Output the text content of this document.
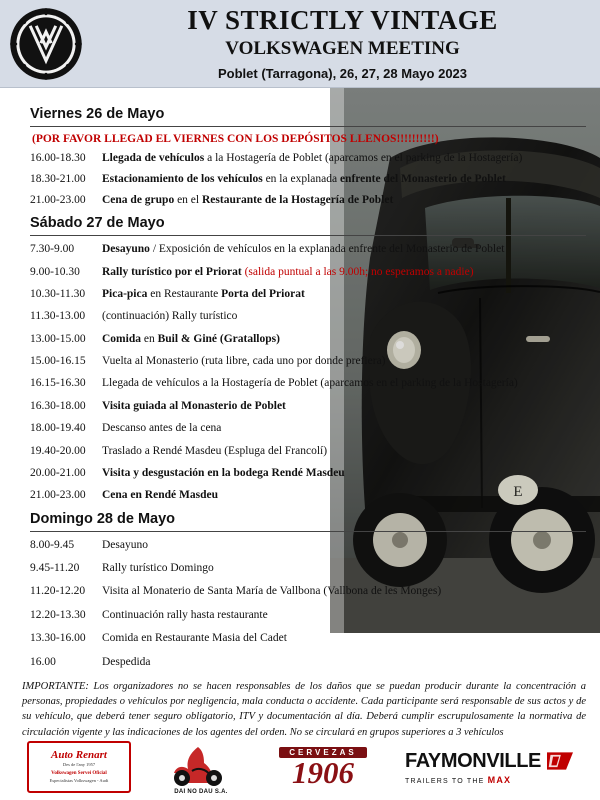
IV STRICTLY VINTAGE
VOLKSWAGEN MEETING
Poblet (Tarragona), 26, 27, 28 Mayo 2023
E
Viernes 26 de Mayo
(POR FAVOR LLEGAD EL VIERNES CON LOS DEPÓSITOS LLENOS!!!!!!!!!!)
16.00-18.30	Llegada de vehículos a la Hostagería de Poblet (aparcamos en el parking de la Hostagería)
18.30-21.00	Estacionamiento de los vehículos en la explanada enfrente del Monasterio de Poblet
21.00-23.00	Cena de grupo en el Restaurante de la Hostagería de Poblet
Sábado 27 de Mayo
7.30-9.00	Desayuno / Exposición de vehículos en la explanada enfrente del Monasterio de Poblet
9.00-10.30	Rally turístico por el Priorat (salida puntual a las 9.00h; no esperamos a nadie)
10.30-11.30	Pica-pica en Restaurante Porta del Priorat
11.30-13.00	(continuación) Rally turístico
13.00-15.00	Comida en Buil & Giné (Gratallops)
15.00-16.15	Vuelta al Monasterio (ruta libre, cada uno por donde prefiera)
16.15-16.30	Llegada de vehículos a la Hostagería de Poblet (aparcamos en el parking de la Hostagería)
16.30-18.00	Visita guiada al Monasterio de Poblet
18.00-19.40	Descanso antes de la cena
19.40-20.00	Traslado a Rendé Masdeu (Espluga del Francolí)
20.00-21.00	Visita y desgustación en la bodega Rendé Masdeu
21.00-23.00	Cena en Rendé Masdeu
Domingo 28 de Mayo
8.00-9.45	Desayuno
9.45-11.20	Rally turístico Domingo
11.20-12.20	Visita al Monaterio de Santa María de Vallbona (Vallbona de les Monges)
12.20-13.30	Continuación rally hasta restaurante
13.30-16.00	Comida en Restaurante Masia del Cadet
16.00	Despedida
IMPORTANTE: Los organizadores no se hacen responsables de los daños que se puedan producir durante la concentración a personas, propiedades o vehículos por negligencia, mala conducta o accidente. Cada participante será responsable de sus actos y de su vehículo, que deberá tener seguro obligatorio, ITV y documentación al día. Deberá cumplir escrupulosamente la normativa de circulación vigente y las indicaciones de los agentes del orden. No se circulará en grupos superiores a 3 vehículos
Auto Renart
Des de l'any 1957
Volkswagen Servei Oficial
Especialistas Volkswagen - Audi
DAI NO DAU S.A.
CERVEZAS
1906	FAYMONVILLE
TRAILERS TO THE MAX
